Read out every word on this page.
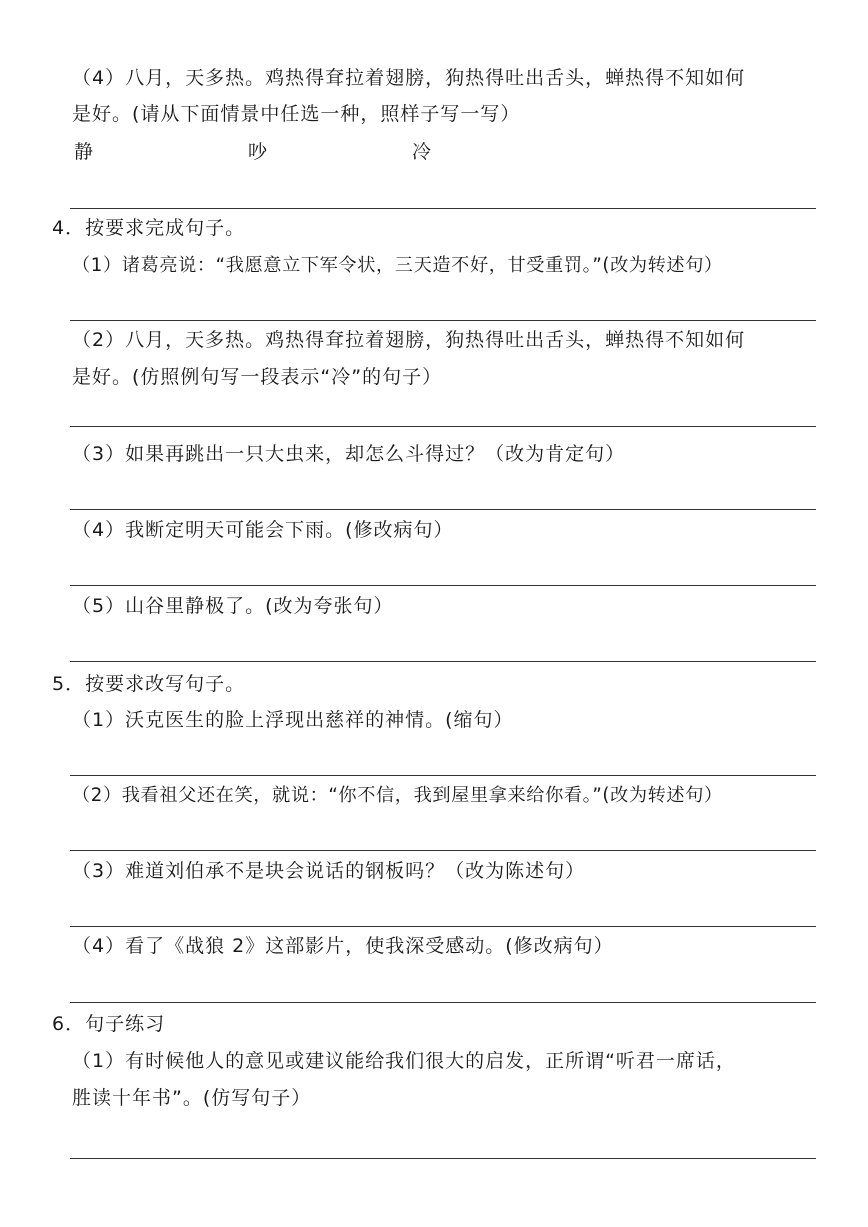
（4）八月，天多热。鸡热得耷拉着翅膀，狗热得吐出舌头，蝉热得不知如何
是好。(请从下面情景中任选一种，照样子写一写）
静	吵	冷
4．按要求完成句子。
（1）诸葛亮说：“我愿意立下军令状，三天造不好，甘受重罚。”(改为转述句）
（2）八月，天多热。鸡热得耷拉着翅膀，狗热得吐出舌头，蝉热得不知如何
是好。(仿照例句写一段表示“冷”的句子）
（3）如果再跳出一只大虫来，却怎么斗得过？（改为肯定句）
（4）我断定明天可能会下雨。(修改病句）
（5）山谷里静极了。(改为夸张句）
5．按要求改写句子。
（1）沃克医生的脸上浮现出慈祥的神情。(缩句）
（2）我看祖父还在笑，就说：“你不信，我到屋里拿来给你看。”(改为转述句）
（3）难道刘伯承不是块会说话的钢板吗？（改为陈述句）
（4）看了《战狼 2》这部影片，使我深受感动。(修改病句）
6．句子练习
（1）有时候他人的意见或建议能给我们很大的启发，正所谓“听君一席话，
胜读十年书”。(仿写句子）
